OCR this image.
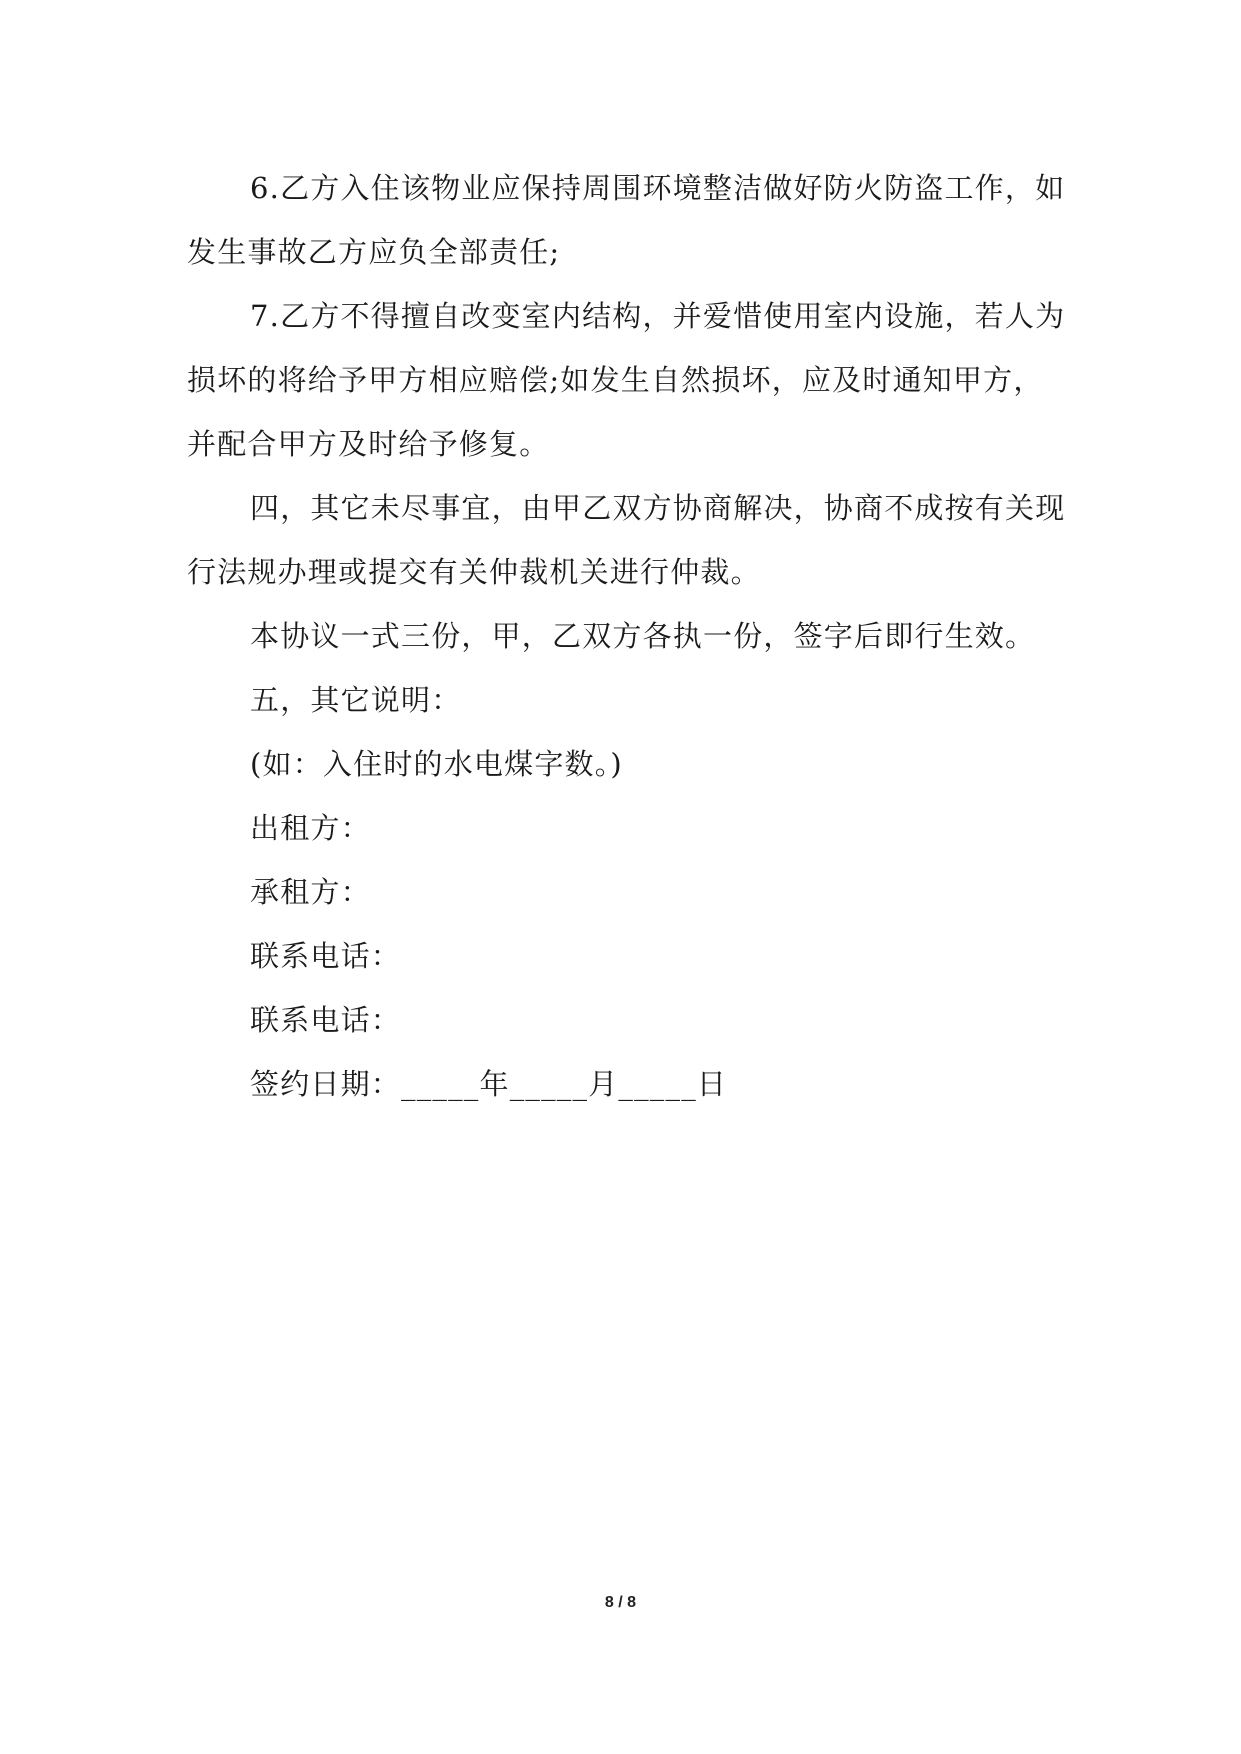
6.乙方入住该物业应保持周围环境整洁做好防火防盗工作，如发生事故乙方应负全部责任;

7.乙方不得擅自改变室内结构，并爱惜使用室内设施，若人为损坏的将给予甲方相应赔偿;如发生自然损坏，应及时通知甲方，并配合甲方及时给予修复。

四，其它未尽事宜，由甲乙双方协商解决，协商不成按有关现行法规办理或提交有关仲裁机关进行仲裁。

本协议一式三份，甲，乙双方各执一份，签字后即行生效。

五，其它说明：

(如：入住时的水电煤字数。)

出租方：

承租方：

联系电话：

联系电话：

签约日期：_____年_____月_____日

8 / 8
